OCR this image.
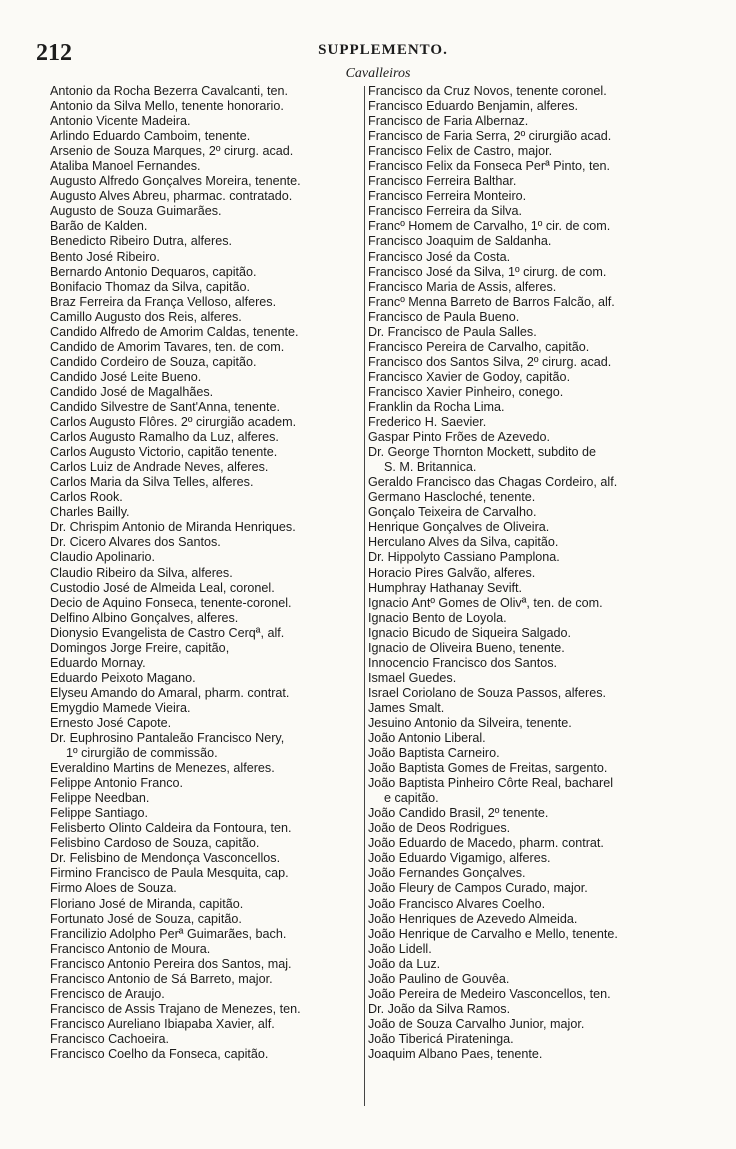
212	SUPPLEMENTO.
Cavalleiros
Antonio da Rocha Bezerra Cavalcanti, ten.
Antonio da Silva Mello, tenente honorario.
Antonio Vicente Madeira.
Arlindo Eduardo Camboim, tenente.
Arsenio de Souza Marques, 2º cirurg. acad.
Ataliba Manoel Fernandes.
Augusto Alfredo Gonçalves Moreira, tenente.
Augusto Alves Abreu, pharmac. contratado.
Augusto de Souza Guimarães.
Barão de Kalden.
Benedicto Ribeiro Dutra, alferes.
Bento José Ribeiro.
Bernardo Antonio Dequaros, capitão.
Bonifacio Thomaz da Silva, capitão.
Braz Ferreira da França Velloso, alferes.
Camillo Augusto dos Reis, alferes.
Candido Alfredo de Amorim Caldas, tenente.
Candido de Amorim Tavares, ten. de com.
Candido Cordeiro de Souza, capitão.
Candido José Leite Bueno.
Candido José de Magalhães.
Candido Silvestre de Sant'Anna, tenente.
Carlos Augusto Flôres. 2º cirurgião academ.
Carlos Augusto Ramalho da Luz, alferes.
Carlos Augusto Victorio, capitão tenente.
Carlos Luiz de Andrade Neves, alferes.
Carlos Maria da Silva Telles, alferes.
Carlos Rook.
Charles Bailly.
Dr. Chrispim Antonio de Miranda Henriques.
Dr. Cicero Alvares dos Santos.
Claudio Apolinario.
Claudio Ribeiro da Silva, alferes.
Custodio José de Almeida Leal, coronel.
Decio de Aquino Fonseca, tenente-coronel.
Delfino Albino Gonçalves, alferes.
Dionysio Evangelista de Castro Cerqª, alf.
Domingos Jorge Freire, capitão,
Eduardo Mornay.
Eduardo Peixoto Magano.
Elyseu Amando do Amaral, pharm. contrat.
Emygdio Mamede Vieira.
Ernesto José Capote.
Dr. Euphrosino Pantaleão Francisco Nery,
1º cirurgião de commissão.
Everaldino Martins de Menezes, alferes.
Felippe Antonio Franco.
Felippe Needban.
Felippe Santiago.
Felisberto Olinto Caldeira da Fontoura, ten.
Felisbino Cardoso de Souza, capitão.
Dr. Felisbino de Mendonça Vasconcellos.
Firmino Francisco de Paula Mesquita, cap.
Firmo Aloes de Souza.
Floriano José de Miranda, capitão.
Fortunato José de Souza, capitão.
Francilizio Adolpho Perª Guimarães, bach.
Francisco Antonio de Moura.
Francisco Antonio Pereira dos Santos, maj.
Francisco Antonio de Sá Barreto, major.
Frencisco de Araujo.
Francisco de Assis Trajano de Menezes, ten.
Francisco Aureliano Ibiapaba Xavier, alf.
Francisco Cachoeira.
Francisco Coelho da Fonseca, capitão.
Francisco da Cruz Novos, tenente coronel.
Francisco Eduardo Benjamin, alferes.
Francisco de Faria Albernaz.
Francisco de Faria Serra, 2º cirurgião acad.
Francisco Felix de Castro, major.
Francisco Felix da Fonseca Perª Pinto, ten.
Francisco Ferreira Balthar.
Francisco Ferreira Monteiro.
Francisco Ferreira da Silva.
Francº Homem de Carvalho, 1º cir. de com.
Francisco Joaquim de Saldanha.
Francisco José da Costa.
Francisco José da Silva, 1º cirurg. de com.
Francisco Maria de Assis, alferes.
Francº Menna Barreto de Barros Falcão, alf.
Francisco de Paula Bueno.
Dr. Francisco de Paula Salles.
Francisco Pereira de Carvalho, capitão.
Francisco dos Santos Silva, 2º cirurg. acad.
Francisco Xavier de Godoy, capitão.
Francisco Xavier Pinheiro, conego.
Franklin da Rocha Lima.
Frederico H. Saevier.
Gaspar Pinto Frões de Azevedo.
Dr. George Thornton Mockett, subdito de
S. M. Britannica.
Geraldo Francisco das Chagas Cordeiro, alf.
Germano Hascloché, tenente.
Gonçalo Teixeira de Carvalho.
Henrique Gonçalves de Oliveira.
Herculano Alves da Silva, capitão.
Dr. Hippolyto Cassiano Pamplona.
Horacio Pires Galvão, alferes.
Humphray Hathanay Sevift.
Ignacio Antº Gomes de Olivª, ten. de com.
Ignacio Bento de Loyola.
Ignacio Bicudo de Siqueira Salgado.
Ignacio de Oliveira Bueno, tenente.
Innocencio Francisco dos Santos.
Ismael Guedes.
Israel Coriolano de Souza Passos, alferes.
James Smalt.
Jesuino Antonio da Silveira, tenente.
João Antonio Liberal.
João Baptista Carneiro.
João Baptista Gomes de Freitas, sargento.
João Baptista Pinheiro Côrte Real, bacharel
e capitão.
João Candido Brasil, 2º tenente.
João de Deos Rodrigues.
João Eduardo de Macedo, pharm. contrat.
João Eduardo Vigamigo, alferes.
João Fernandes Gonçalves.
João Fleury de Campos Curado, major.
João Francisco Alvares Coelho.
João Henriques de Azevedo Almeida.
João Henrique de Carvalho e Mello, tenente.
João Lidell.
João da Luz.
João Paulino de Gouvêa.
João Pereira de Medeiro Vasconcellos, ten.
Dr. João da Silva Ramos.
João de Souza Carvalho Junior, major.
João Tibericá Pirateninga.
Joaquim Albano Paes, tenente.
